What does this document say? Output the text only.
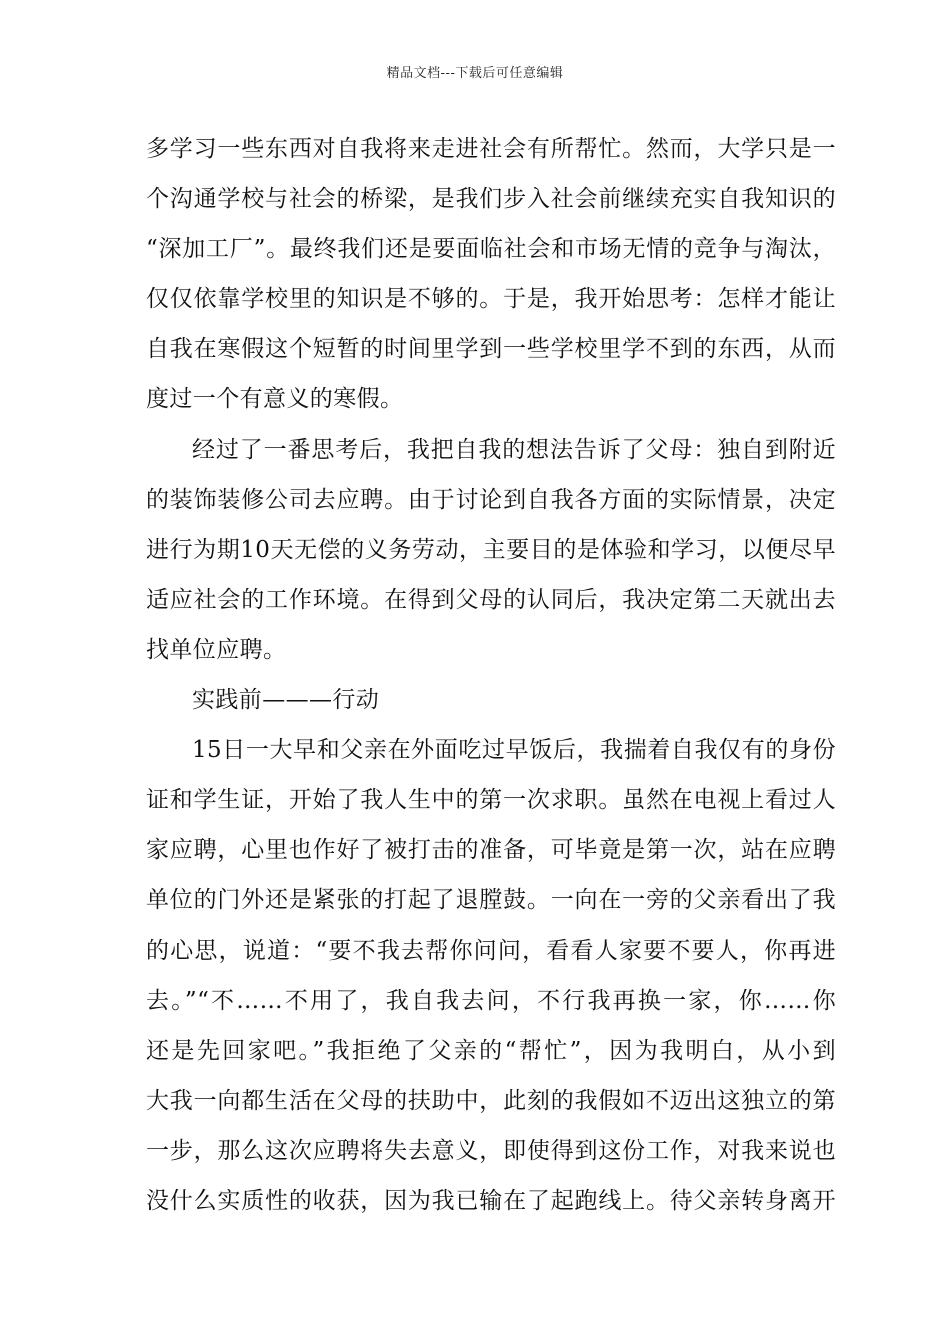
精品文档---下载后可任意编辑
多学习一些东西对自我将来走进社会有所帮忙。然而，大学只是一
个沟通学校与社会的桥梁，是我们步入社会前继续充实自我知识的
“深加工厂”。最终我们还是要面临社会和市场无情的竞争与淘汰，
仅仅依靠学校里的知识是不够的。于是，我开始思考：怎样才能让
自我在寒假这个短暂的时间里学到一些学校里学不到的东西，从而
度过一个有意义的寒假。
经过了一番思考后，我把自我的想法告诉了父母：独自到附近
的装饰装修公司去应聘。由于讨论到自我各方面的实际情景，决定
进行为期10天无偿的义务劳动，主要目的是体验和学习，以便尽早
适应社会的工作环境。在得到父母的认同后，我决定第二天就出去
找单位应聘。
实践前———行动
15日一大早和父亲在外面吃过早饭后，我揣着自我仅有的身份
证和学生证，开始了我人生中的第一次求职。虽然在电视上看过人
家应聘，心里也作好了被打击的准备，可毕竟是第一次，站在应聘
单位的门外还是紧张的打起了退膛鼓。一向在一旁的父亲看出了我
的心思，说道：“要不我去帮你问问，看看人家要不要人，你再进
去。”“不……不用了，我自我去问，不行我再换一家，你……你
还是先回家吧。”我拒绝了父亲的“帮忙”，因为我明白，从小到
大我一向都生活在父母的扶助中，此刻的我假如不迈出这独立的第
一步，那么这次应聘将失去意义，即使得到这份工作，对我来说也
没什么实质性的收获，因为我已输在了起跑线上。待父亲转身离开
